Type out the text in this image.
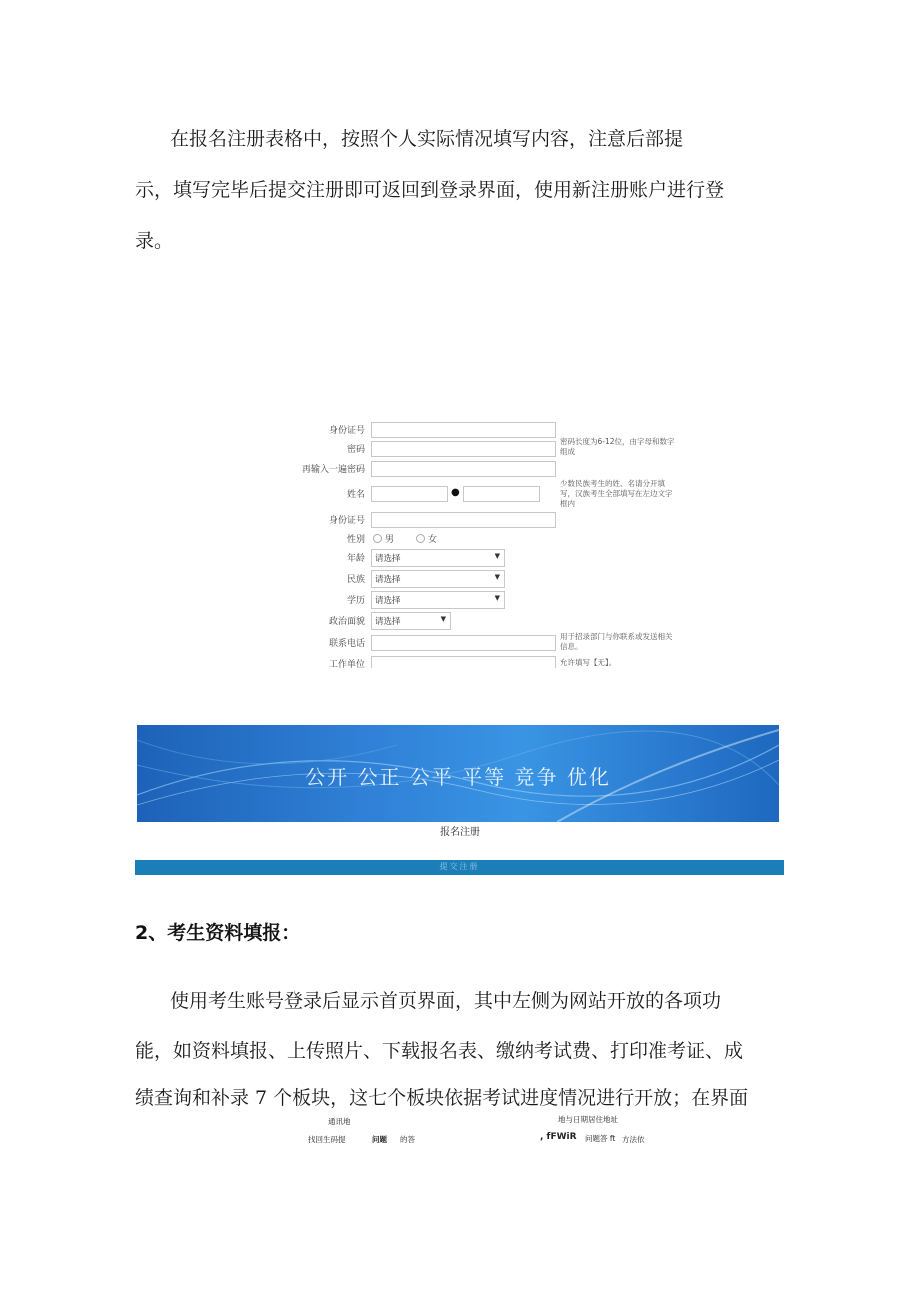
在报名注册表格中，按照个人实际情况填写内容，注意后部提
示，填写完毕后提交注册即可返回到登录界面，使用新注册账户进行登
录。
身份证号
密码
密码长度为6-12位，由字母和数字组成
再输入一遍密码
姓名	●
少数民族考生的姓、名请分开填写，汉族考生全部填写在左边文字框内
身份证号
性别	男	女
年龄 请选择	▼
民族 请选择	▼
学历 请选择	▼
政治面貌 请选择	▼
联系电话
用于招录部门与你联系或发送相关信息。
工作单位	允许填写【无】。
公开 公正 公平 平等 竞争 优化
报名注册
提交注册
2、考生资料填报：
使用考生账号登录后显示首页界面，其中左侧为网站开放的各项功
能，如资料填报、上传照片、下载报名表、缴纳考试费、打印准考证、成
绩查询和补录 7 个板块，这七个板块依据考试进度情况进行开放；在界面
通讯地	地与日期居住地址
找回生码提	问题 的答	, fFWiR 问题答 ft 方法依
